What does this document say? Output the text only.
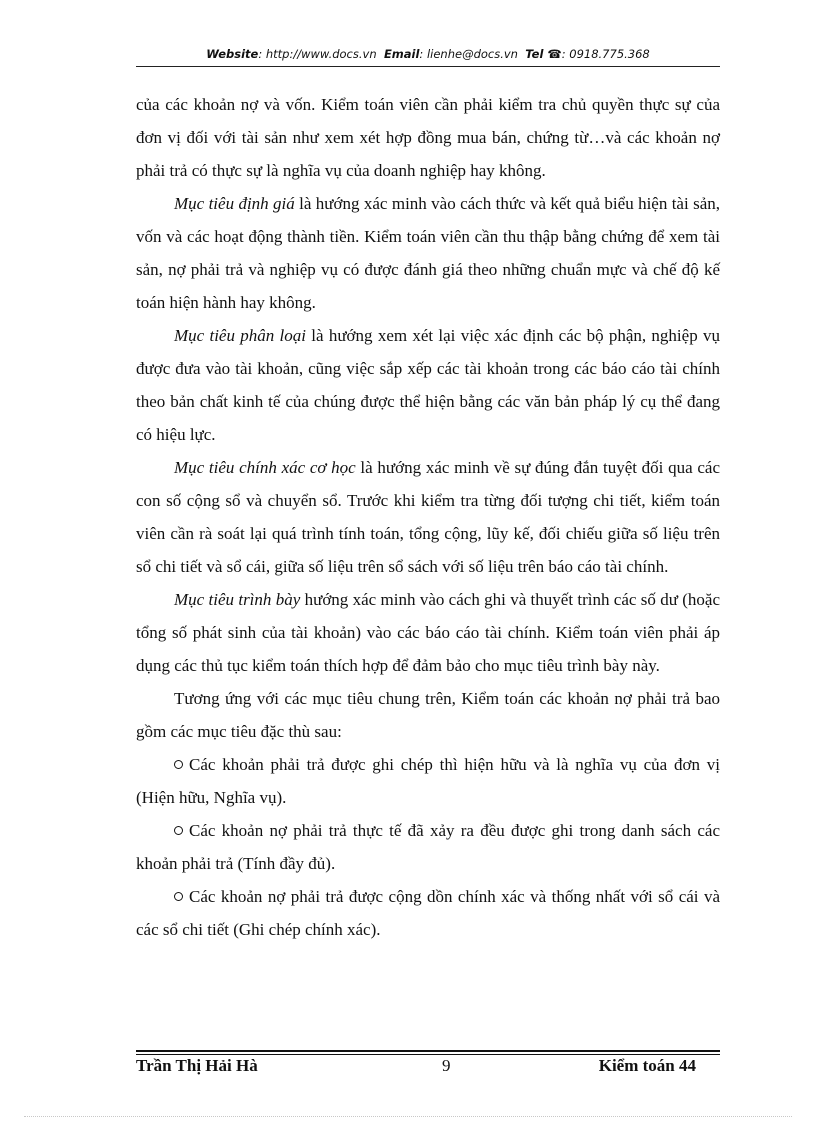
Website: http://www.docs.vn Email: lienhe@docs.vn Tel ☎: 0918.775.368

của các khoản nợ và vốn. Kiểm toán viên cần phải kiểm tra chủ quyền thực sự của đơn vị đối với tài sản như xem xét hợp đồng mua bán, chứng từ…và các khoản nợ phải trả có thực sự là nghĩa vụ của doanh nghiệp hay không.

Mục tiêu định giá là hướng xác minh vào cách thức và kết quả biểu hiện tài sản, vốn và các hoạt động thành tiền. Kiểm toán viên cần thu thập bằng chứng để xem tài sản, nợ phải trả và nghiệp vụ có được đánh giá theo những chuẩn mực và chế độ kế toán hiện hành hay không.

Mục tiêu phân loại là hướng xem xét lại việc xác định các bộ phận, nghiệp vụ được đưa vào tài khoản, cũng việc sắp xếp các tài khoản trong các báo cáo tài chính theo bản chất kinh tế của chúng được thể hiện bằng các văn bản pháp lý cụ thể đang có hiệu lực.

Mục tiêu chính xác cơ học là hướng xác minh về sự đúng đắn tuyệt đối qua các con số cộng sổ và chuyển sổ. Trước khi kiểm tra từng đối tượng chi tiết, kiểm toán viên cần rà soát lại quá trình tính toán, tổng cộng, lũy kế, đối chiếu giữa số liệu trên sổ chi tiết và sổ cái, giữa số liệu trên sổ sách với số liệu trên báo cáo tài chính.

Mục tiêu trình bày hướng xác minh vào cách ghi và thuyết trình các số dư (hoặc tổng số phát sinh của tài khoản) vào các báo cáo tài chính. Kiểm toán viên phải áp dụng các thủ tục kiểm toán thích hợp để đảm bảo cho mục tiêu trình bày này.

Tương ứng với các mục tiêu chung trên, Kiểm toán các khoản nợ phải trả bao gồm các mục tiêu đặc thù sau:

Các khoản phải trả được ghi chép thì hiện hữu và là nghĩa vụ của đơn vị (Hiện hữu, Nghĩa vụ).

Các khoản nợ phải trả thực tế đã xảy ra đều được ghi trong danh sách các khoản phải trả (Tính đầy đủ).

Các khoản nợ phải trả được cộng dồn chính xác và thống nhất với sổ cái và các sổ chi tiết (Ghi chép chính xác).

Trần Thị Hải Hà	9	Kiểm toán 44
